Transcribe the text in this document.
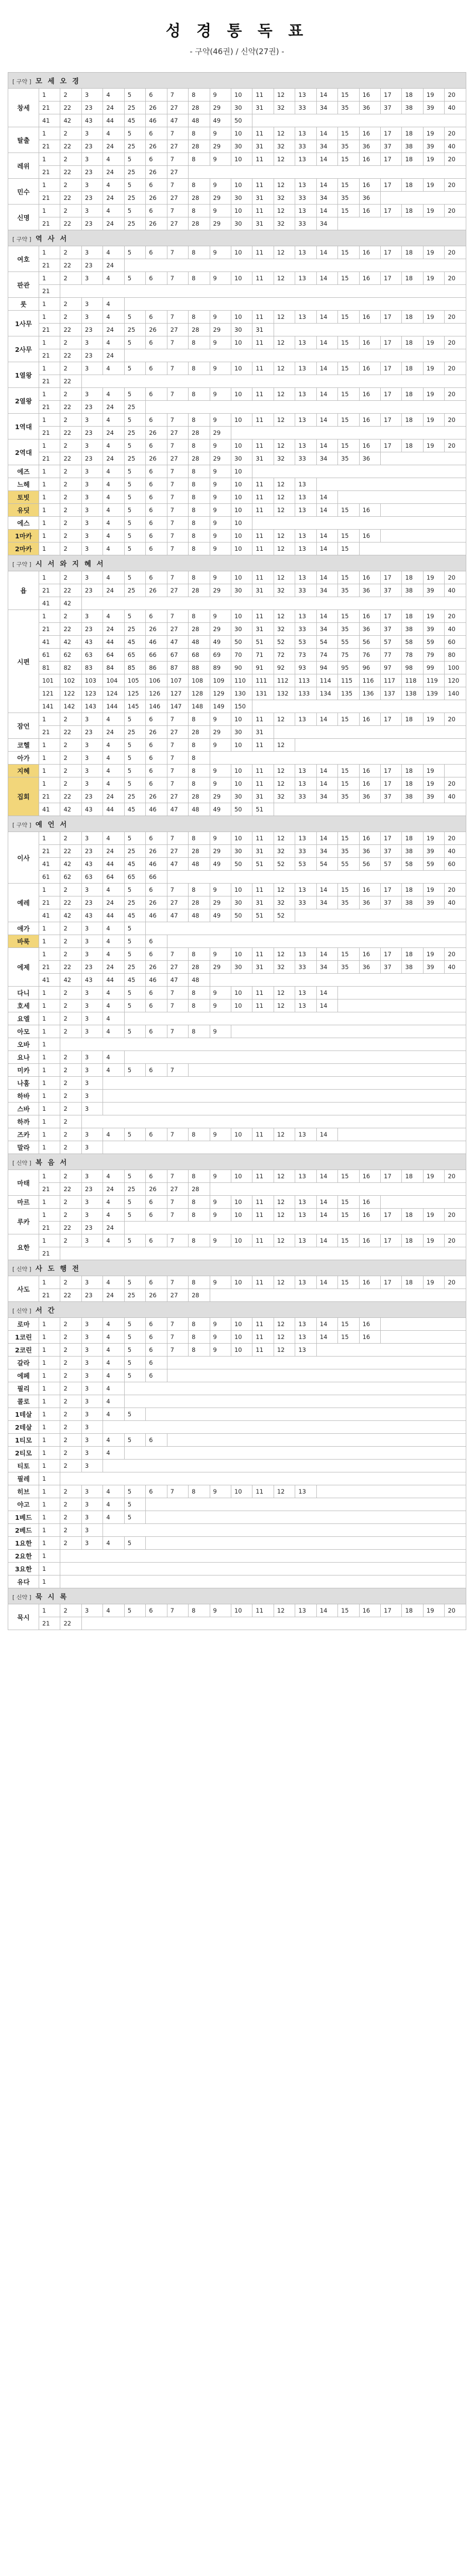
성 경 통 독 표
- 구약(46권) / 신약(27권) -
[ 구약 ] 모 세 오 경																				
창세	1	2	3	4	5	6	7	8	9	10	11	12	13	14	15	16	17	18	19	20
	21	22	23	24	25	26	27	28	29	30	31	32	33	34	35	36	37	38	39	40
	41	42	43	44	45	46	47	48	49	50										
탈출	1	2	3	4	5	6	7	8	9	10	11	12	13	14	15	16	17	18	19	20
	21	22	23	24	25	26	27	28	29	30	31	32	33	34	35	36	37	38	39	40
레위	1	2	3	4	5	6	7	8	9	10	11	12	13	14	15	16	17	18	19	20
	21	22	23	24	25	26	27													
민수	1	2	3	4	5	6	7	8	9	10	11	12	13	14	15	16	17	18	19	20
	21	22	23	24	25	26	27	28	29	30	31	32	33	34	35	36				
신명	1	2	3	4	5	6	7	8	9	10	11	12	13	14	15	16	17	18	19	20
	21	22	23	24	25	26	27	28	29	30	31	32	33	34						
[ 구약 ] 역 사 서																				
여호	1	2	3	4	5	6	7	8	9	10	11	12	13	14	15	16	17	18	19	20
	21	22	23	24																
판관	1	2	3	4	5	6	7	8	9	10	11	12	13	14	15	16	17	18	19	20
	21																			
룻	1	2	3	4																
1사무	1	2	3	4	5	6	7	8	9	10	11	12	13	14	15	16	17	18	19	20
	21	22	23	24	25	26	27	28	29	30	31									
2사무	1	2	3	4	5	6	7	8	9	10	11	12	13	14	15	16	17	18	19	20
	21	22	23	24																
1열왕	1	2	3	4	5	6	7	8	9	10	11	12	13	14	15	16	17	18	19	20
	21	22																		
2열왕	1	2	3	4	5	6	7	8	9	10	11	12	13	14	15	16	17	18	19	20
	21	22	23	24	25															
1역대	1	2	3	4	5	6	7	8	9	10	11	12	13	14	15	16	17	18	19	20
	21	22	23	24	25	26	27	28	29											
2역대	1	2	3	4	5	6	7	8	9	10	11	12	13	14	15	16	17	18	19	20
	21	22	23	24	25	26	27	28	29	30	31	32	33	34	35	36				
에즈	1	2	3	4	5	6	7	8	9	10										
느헤	1	2	3	4	5	6	7	8	9	10	11	12	13							
토빗	1	2	3	4	5	6	7	8	9	10	11	12	13	14						
유딧	1	2	3	4	5	6	7	8	9	10	11	12	13	14	15	16				
에스	1	2	3	4	5	6	7	8	9	10										
1마카	1	2	3	4	5	6	7	8	9	10	11	12	13	14	15	16				
2마카	1	2	3	4	5	6	7	8	9	10	11	12	13	14	15					
[ 구약 ] 시 서 와 지 혜 서																				
욥	1	2	3	4	5	6	7	8	9	10	11	12	13	14	15	16	17	18	19	20
	21	22	23	24	25	26	27	28	29	30	31	32	33	34	35	36	37	38	39	40
	41	42																		
시편	1	2	3	4	5	6	7	8	9	10	11	12	13	14	15	16	17	18	19	20
	21	22	23	24	25	26	27	28	29	30	31	32	33	34	35	36	37	38	39	40
	41	42	43	44	45	46	47	48	49	50	51	52	53	54	55	56	57	58	59	60
	61	62	63	64	65	66	67	68	69	70	71	72	73	74	75	76	77	78	79	80
	81	82	83	84	85	86	87	88	89	90	91	92	93	94	95	96	97	98	99	100
	101	102	103	104	105	106	107	108	109	110	111	112	113	114	115	116	117	118	119	120
	121	122	123	124	125	126	127	128	129	130	131	132	133	134	135	136	137	138	139	140
	141	142	143	144	145	146	147	148	149	150										
잠언	1	2	3	4	5	6	7	8	9	10	11	12	13	14	15	16	17	18	19	20
	21	22	23	24	25	26	27	28	29	30	31									
코헬	1	2	3	4	5	6	7	8	9	10	11	12								
아가	1	2	3	4	5	6	7	8												
지혜	1	2	3	4	5	6	7	8	9	10	11	12	13	14	15	16	17	18	19	
집회	1	2	3	4	5	6	7	8	9	10	11	12	13	14	15	16	17	18	19	20
	21	22	23	24	25	26	27	28	29	30	31	32	33	34	35	36	37	38	39	40
	41	42	43	44	45	46	47	48	49	50	51									
[ 구약 ] 예 언 서																				
이사	1	2	3	4	5	6	7	8	9	10	11	12	13	14	15	16	17	18	19	20
	21	22	23	24	25	26	27	28	29	30	31	32	33	34	35	36	37	38	39	40
	41	42	43	44	45	46	47	48	49	50	51	52	53	54	55	56	57	58	59	60
	61	62	63	64	65	66														
예레	1	2	3	4	5	6	7	8	9	10	11	12	13	14	15	16	17	18	19	20
	21	22	23	24	25	26	27	28	29	30	31	32	33	34	35	36	37	38	39	40
	41	42	43	44	45	46	47	48	49	50	51	52								
애가	1	2	3	4	5															
바룩	1	2	3	4	5	6														
에제	1	2	3	4	5	6	7	8	9	10	11	12	13	14	15	16	17	18	19	20
	21	22	23	24	25	26	27	28	29	30	31	32	33	34	35	36	37	38	39	40
	41	42	43	44	45	46	47	48												
다니	1	2	3	4	5	6	7	8	9	10	11	12	13	14						
호세	1	2	3	4	5	6	7	8	9	10	11	12	13	14						
요엘	1	2	3	4																
아모	1	2	3	4	5	6	7	8	9											
오바	1																			
요나	1	2	3	4																
미카	1	2	3	4	5	6	7													
나훔	1	2	3																	
하바	1	2	3																	
스바	1	2	3																	
하까	1	2																		
즈카	1	2	3	4	5	6	7	8	9	10	11	12	13	14						
말라	1	2	3																	
[ 신약 ] 복 음 서																				
마태	1	2	3	4	5	6	7	8	9	10	11	12	13	14	15	16	17	18	19	20
	21	22	23	24	25	26	27	28												
마르	1	2	3	4	5	6	7	8	9	10	11	12	13	14	15	16				
루카	1	2	3	4	5	6	7	8	9	10	11	12	13	14	15	16	17	18	19	20
	21	22	23	24																
요한	1	2	3	4	5	6	7	8	9	10	11	12	13	14	15	16	17	18	19	20
	21																			
[ 신약 ] 사 도 행 전																				
사도	1	2	3	4	5	6	7	8	9	10	11	12	13	14	15	16	17	18	19	20
	21	22	23	24	25	26	27	28												
[ 신약 ] 서 간																				
로마	1	2	3	4	5	6	7	8	9	10	11	12	13	14	15	16				
1코린	1	2	3	4	5	6	7	8	9	10	11	12	13	14	15	16				
2코린	1	2	3	4	5	6	7	8	9	10	11	12	13							
갈라	1	2	3	4	5	6														
에페	1	2	3	4	5	6														
필리	1	2	3	4																
콜로	1	2	3	4																
1테살	1	2	3	4	5															
2테살	1	2	3																	
1티모	1	2	3	4	5	6														
2티모	1	2	3	4																
티토	1	2	3																	
필레	1																			
히브	1	2	3	4	5	6	7	8	9	10	11	12	13							
야고	1	2	3	4	5															
1베드	1	2	3	4	5															
2베드	1	2	3																	
1요한	1	2	3	4	5															
2요한	1																			
3요한	1																			
유다	1																			
[ 신약 ] 묵 시 록																				
묵시	1	2	3	4	5	6	7	8	9	10	11	12	13	14	15	16	17	18	19	20
	21	22																		
